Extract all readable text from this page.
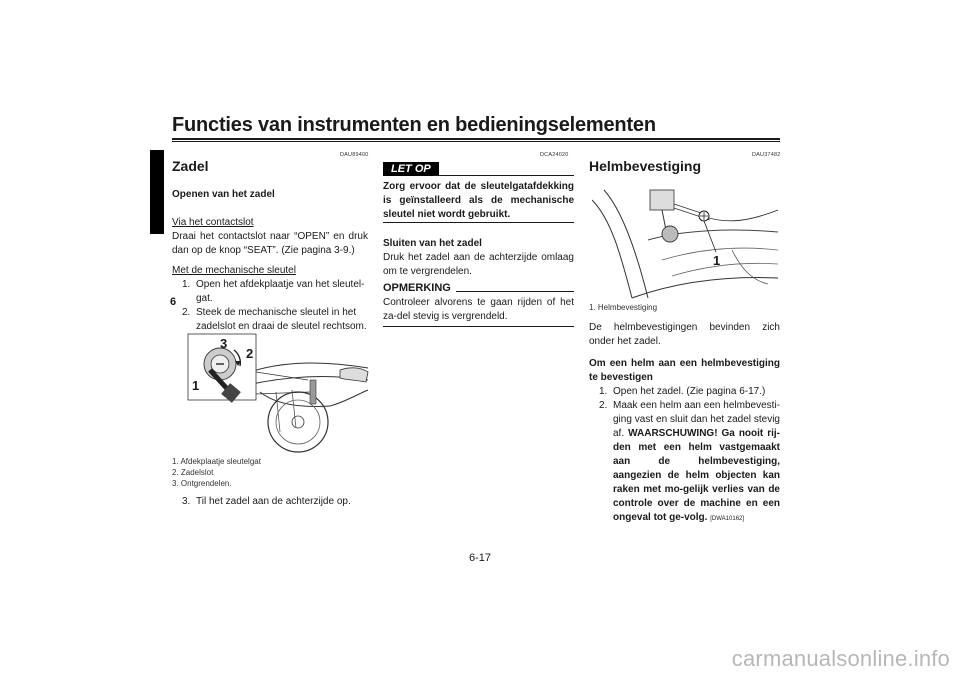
Functies van instrumenten en bedieningselementen
6
DAU89400
Zadel

Openen van het zadel

Via het contactslot

Draai het contactslot naar “OPEN” en druk dan op de knop “SEAT”. (Zie pagina 3-9.)

Met de mechanische sleutel

1. Open het afdekplaatje van het sleutel-gat.
2. Steek de mechanische sleutel in het zadelslot en draai de sleutel rechtsom.
3
2
1

1. Afdekplaatje sleutelgat

2. Zadelslot

3. Ontgrendelen.

3. Til het zadel aan de achterzijde op.
DCA24020
LET OP
Zorg ervoor dat de sleutelgatafdekking is geïnstalleerd als de mechanische sleutel niet wordt gebruikt.

Sluiten van het zadel

Druk het zadel aan de achterzijde omlaag om te vergrendelen.

OPMERKING
Controleer alvorens te gaan rijden of het za-del stevig is vergrendeld.
DAU37482
Helmbevestiging
1

1. Helmbevestiging

De helmbevestigingen bevinden zich onder het zadel.

Om een helm aan een helmbevestiging te bevestigen

1. Open het zadel. (Zie pagina 6-17.)
2. Maak een helm aan een helmbevesti-ging vast en sluit dan het zadel stevig af. WAARSCHUWING! Ga nooit rij-den met een helm vastgemaakt aan de helmbevestiging, aangezien de helm objecten kan raken met mo-gelijk verlies van de controle over de machine en een ongeval tot ge-volg. [DWA10162]
6-17
carmanualsonline.info
